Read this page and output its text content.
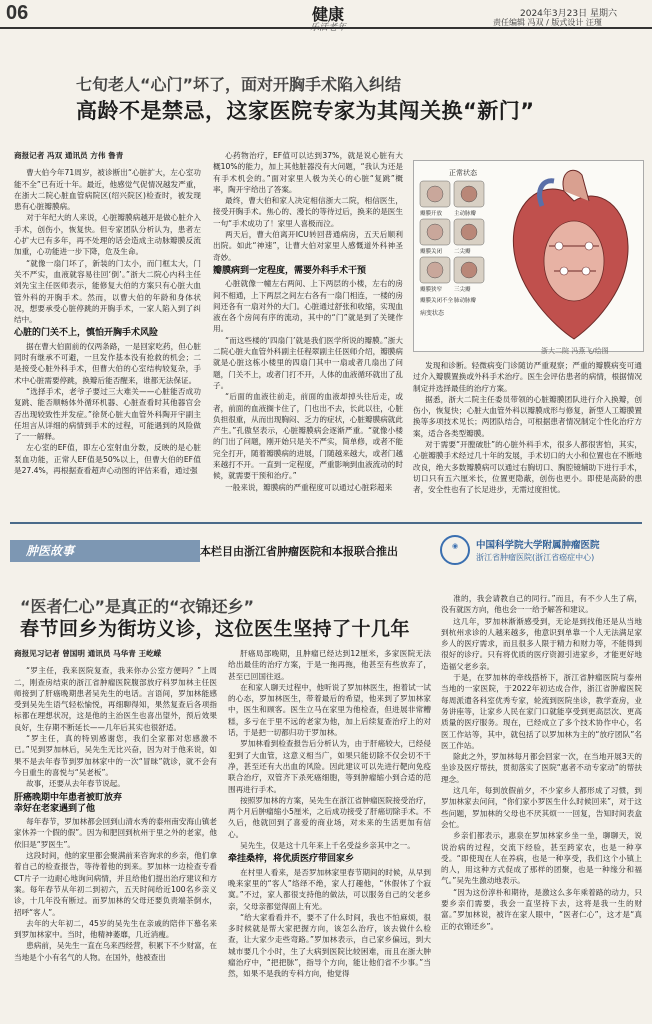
06	健康	2024年3月23日 星期六
责任编辑 冯双 / 版式设计 汪瑾
七旬老人“心门”坏了，面对开胸手术陷入纠结
高龄不是禁忌，这家医院专家为其闯关换“新门”

商报记者 冯双 通讯员 方伟 鲁青

曹大伯今年71周岁，被诊断出“心脏扩大，左心室功能不全”已有近十年。最近，他感觉气促情况越发严重，在浙大二院心脏血管病院区(绍兴院区)检查时，被发现患有心脏瓣膜病。

对于年纪大的人来说，心脏瓣膜病越开是做心脏介入手术，创伤小，恢复快。但专家团队分析认为，患者左心扩大已有多年，再不处理的话会造成主动脉瓣膜反流加重，心功能进一步下降，危及生命。

“就像一扇门坏了，新装的门太小，而门框太大，门关不严实，血液就容易往回‘倒’。”浙大二院心内科主任刘先宝主任医师表示，能修复大伯的方案只有心脏大血管外科的开胸手术。然而，以曹大伯的年龄和身体状况，想要承受心脏停跳的开胸手术，一家人陷入到了纠结中。

心脏的门关不上，慎怕开胸手术风险

据在曹大伯面前的仅两条路，一是回家吃药，但心脏同时有继承不可避，一旦发作基本没有抢救的机会；二是接受心脏外科手术，但曹大伯的心室结构较复杂，手术中心脏需要停跳，换瓣后能否醒来，谁都无法保证。

“选择手术，老爷子要过三大难关——心脏能否成功复跳、能否顺畅体外循环机器、心脏查看时其他器官会否出现较致性并发症。”徐贤心脏大血管外科陶开宇副主任坦言从详细的病情到手术的过程，可能遇到的风险做了一一解释。

左心室的EF值，即左心室射血分数，反映的是心脏泵血功能，正常人EF值是50%以上，但曹大伯的EF值是27.4%，再根据查看超声心动图的评估来看，通过强

心药物治疗，EF值可以达到37%，就是说心脏有大概10%的能力，加上其他脏器没有大问题，“我认为还是有手术机会的。”面对家里人极为关心的心脏“复跳”概率，陶开宇给出了答案。

最终，曹大伯和家人决定相信浙大二院，相信医生，接受开胸手术。焦心的、漫长的等待过后，换来的是医生一句“手术成功了！家里人喜极而泣。

两天后，曹大伯离开ICU转回普通病房，五天后顺利出院。如此“神速”，让曹大伯对家里人感慨道外科神圣奇妙。

瓣膜病到一定程度，需要外科手术干预

心脏就像一幢左右两间、上下两层的小楼，左右的房间不相通，上下两层之间左右各有一扇门相连，一楼的房间还各有一扇对外的大门。心脏通过舒张和收缩，实现血液在各个房间有序的流动，其中的“门”就是到了关键作用。

“而这些楼的‘四扇门’就是我们医学所说的瓣膜。”浙大二院心脏大血管外科副主任程翠副主任医师介绍，瓣膜病就是心脏这栋小楼里的四扇门其中一扇或者几扇出了问题，门关不上，或者门打不开，人体的血液循环就出了乱子。

“后面的血液往前走，前面的血液却掉头往后走，或者，前面的血液搁卡住了，门也出不去，长此以往，心脏负担很重，从而出现胸闷、乏力的症状，心脏瓣膜病就此产生。”孔傲坚表示，心脏瓣膜病会逐渐严重。“就像小楼的门出了问题，刚开始只是关不严实，简单修，或者不能完全打开，随着瓣膜病的进展，门随越来越大，或者门越来越打不开。一直到一定程度，严重影响到血液流动的时候，就需要干预和治疗。”

一般来说，瓣膜病的严重程度可以通过心脏彩超来

正常状态
瓣膜开放 主动脉瓣
瓣膜关闭 二尖瓣
瓣膜狭窄 三尖瓣
瓣膜关闭不全 肺动脉瓣
病变状态
浙大二院 冯燕飞/绘图

发现和诊断。轻微病变门诊随访严重观察；严重的瓣膜病变可通过介入瓣膜置换或外科手术治疗。医生会评估患者的病情，根据情况制定并选择最佳的治疗方案。

据悉，浙大二院主任委员带领的心脏瓣膜团队进行介入换瓣，创伤小，恢复快；心脏大血管外科以瓣膜成形与修复，新型人工瓣膜置换等多项技术见长；两团队结合，可根据患者情况制定个性化治疗方案，适合各类型瓣膜。

对于需要“开膛破肚”的心脏外科手术，很多人都很害怕，其实，心脏瓣膜手术经过几十年的发展，手术切口的大小和位置也在不断地改良，绝大多数瓣膜病可以通过右胸切口、胸腔镜辅助下进行手术，切口只有五六厘米长，位置更隐蔽，创伤也更小。即使是高龄的患者，安全性也有了长足进步，无需过度担忧。

肿医故事	本栏目由浙江省肿瘤医院和本报联合推出	◉	中国科学院大学附属肿瘤医院
浙江省肿瘤医院(浙江省癌症中心)
“医者仁心”是真正的“衣锦还乡”
春节回乡为街坊义诊，这位医生坚持了十几年

商报见习记者 曾国明 通讯员 马华青 王屹嵘

“罗主任，我来医院复查，我来你办公室方便吗？”上周二，刚查房结束的浙江省肿瘤医院腹部放疗科罗加林主任医师接到了肝癌晚期患者吴先生的电话。言语间，罗加林能感受到吴先生语气轻松愉悦，再细聊得知，果然复查后各项指标都在理想状况，这是他的主治医生也喜出望外，预后效果良好，生存期不断延长——几年后其实也很舒适。

“罗主任，真的特别感谢您，我们全家都对您感激不已。”见到罗加林后，吴先生无比兴奋，因为对于他来说，如果不是去年春节到罗加林家中的一次“冒昧”就诊，就不会有今日重生的喜悦与“吴老板”。

故事，还要从去年春节说起。

肝癌晚期中年患者被盯放弃
幸好在老家遇到了他

每年春节，罗加林都会回到山清水秀的泰州南安海山镇老家休养一个假的假”。因为和肥回到杭州于里之外的老家，他依旧是“罗医生”。

这段时间，他的家里都会聚满前来咨询求的乡亲，他们拿着自己的检查报告，等待着他的到来。罗加林一边检查专看CT片子一边耐心地询问病情，并且给他们提出治疗建议和方案。每年春节从年初二到初六，五天时间给近100名乡亲义诊，十几年没有断过。而罗加林的父母还要负责端茶倒水，招呼“客人”。

去年的大年初二，45岁的吴先生在亲戚的陪伴下慕名来到罗加林家中。当时，他精神萎靡，几近消瘦。

患病前，吴先生一直在乌来西经营，积累下不少财富，在当地是个小有名气的人物。在国外，他被查出

肝癌局部晚期，且肿瘤已经达到12厘米，多家医院无法给出最佳的治疗方案，于是一拖再拖，他甚至有些放弃了，甚至已回国往返。

在和家人聊天过程中，他听说了罗加林医生，抱着试一试的心态，罗加林医生，带着最后的希望，他来到了罗加林家中，医生和顾客。医生立马在家里为他检查，但进展非常糟糕，多亏在于里不远的老家为他，加上后续复查治疗上的对话，于是把一切都归功于罗加林。

罗加林看到检查报告后分析认为，由于肝癌较大，已经侵犯到了大血管，这意义相当广，如果只能切除不仅会切不干净，甚至还有大出血的风险。因此建议可以先进行靶向免疫联合治疗，双管齐下杀死癌细胞，等到肿瘤缩小到合适的范围再进行手术。

按照罗加林的方案，吴先生在浙江省肿瘤医院接受治疗，两个月后肿瘤缩小5厘米，之后成功接受了肝癌切除手术。不久后，他就回到了喜爱的商业场，对未来的生活更加有信心。

吴先生，仅是这十几年来上千名受益乡亲其中之一。

牵挂桑梓，将优质医疗带回家乡

在村里人看来，是否罗加林家里春节期间的时候，从早到晚来家里的“客人”络绎不绝，家人打趣他，“休假休了个寂寞。”不过，家人都很支持他的做法，可以服务自己的父老乡亲，父母亲都觉得面上有光。

“给大家看看并不，要不了什么时间，我也不怕麻烦，很多时候就是帮大家把握方向，该怎么治疗，该去做什么检查，让大家少走些弯路。”罗加林表示，自己家乡偏远，到大城市要几个小时，生了大病到医院比较困难，而且在浙大肿瘤治疗中，“把把脉”，指导个方向，能让他们省不少事。”当然，如果不是我的专科方向，他觉得

准的，我会请教自己的同行。”而且，有不少人生了病，没有就医方向，他也会一一给予解答和建议。

这几年，罗加林渐渐感受到，无论是到找他还是从当地到杭州求诊的人越来越多，他意识到单靠一个人无法满足家乡人的医疗需求，而且很多人限于精力和财力等，不能得到很好的诊疗。只有将优质的医疗资源引进家乡，才能更好地造福父老乡亲。

于是，在罗加林的牵线搭桥下，浙江省肿瘤医院与泰州当地的一家医院，于2022年初达成合作，浙江省肿瘤医院每周派遣各科室优秀专家，轮流到医院坐诊，教学查房，业务讲座等，让家乡人民在家门口就能享受到更高层次、更高质量的医疗服务。现在，已经成立了多个技术协作中心，名医工作站等，其中，就包括了以罗加林为主的“放疗团队”名医工作站。

除此之外，罗加林每月都会回家一次，在当地开展3天的坐诊及医疗帮扶，贯彻落实了医院“惠者不动专家动”的帮扶理念。

这几年，每到放假前夕，不少家乡人都形成了习惯，到罗加林家去问问，“你们家小罗医生什么时候回来”，对于这些问题，罗加林的父母也不厌其烦一一回复，告知时间表盒会忙。

乡亲们都表示，惠泉在罗加林家乡坐一坐，聊聊天，说说治病的过程，交流下经验，甚至跨家农，也是一种享受。“即使现在人在养病，也是一种享受，我们这个小镇上的人，用这种方式促成了那样的团聚，也是一种缘分和福气。”吴先生激动地表示。

“因为这份淳朴和期待，是激这么多年乘着路的动力，只要乡亲们需要，我会一直坚持下去，这将是我一生的财富。”罗加林说，被许在家人眼中，“医者仁心”，这才是“真正的衣锦还乡”。
